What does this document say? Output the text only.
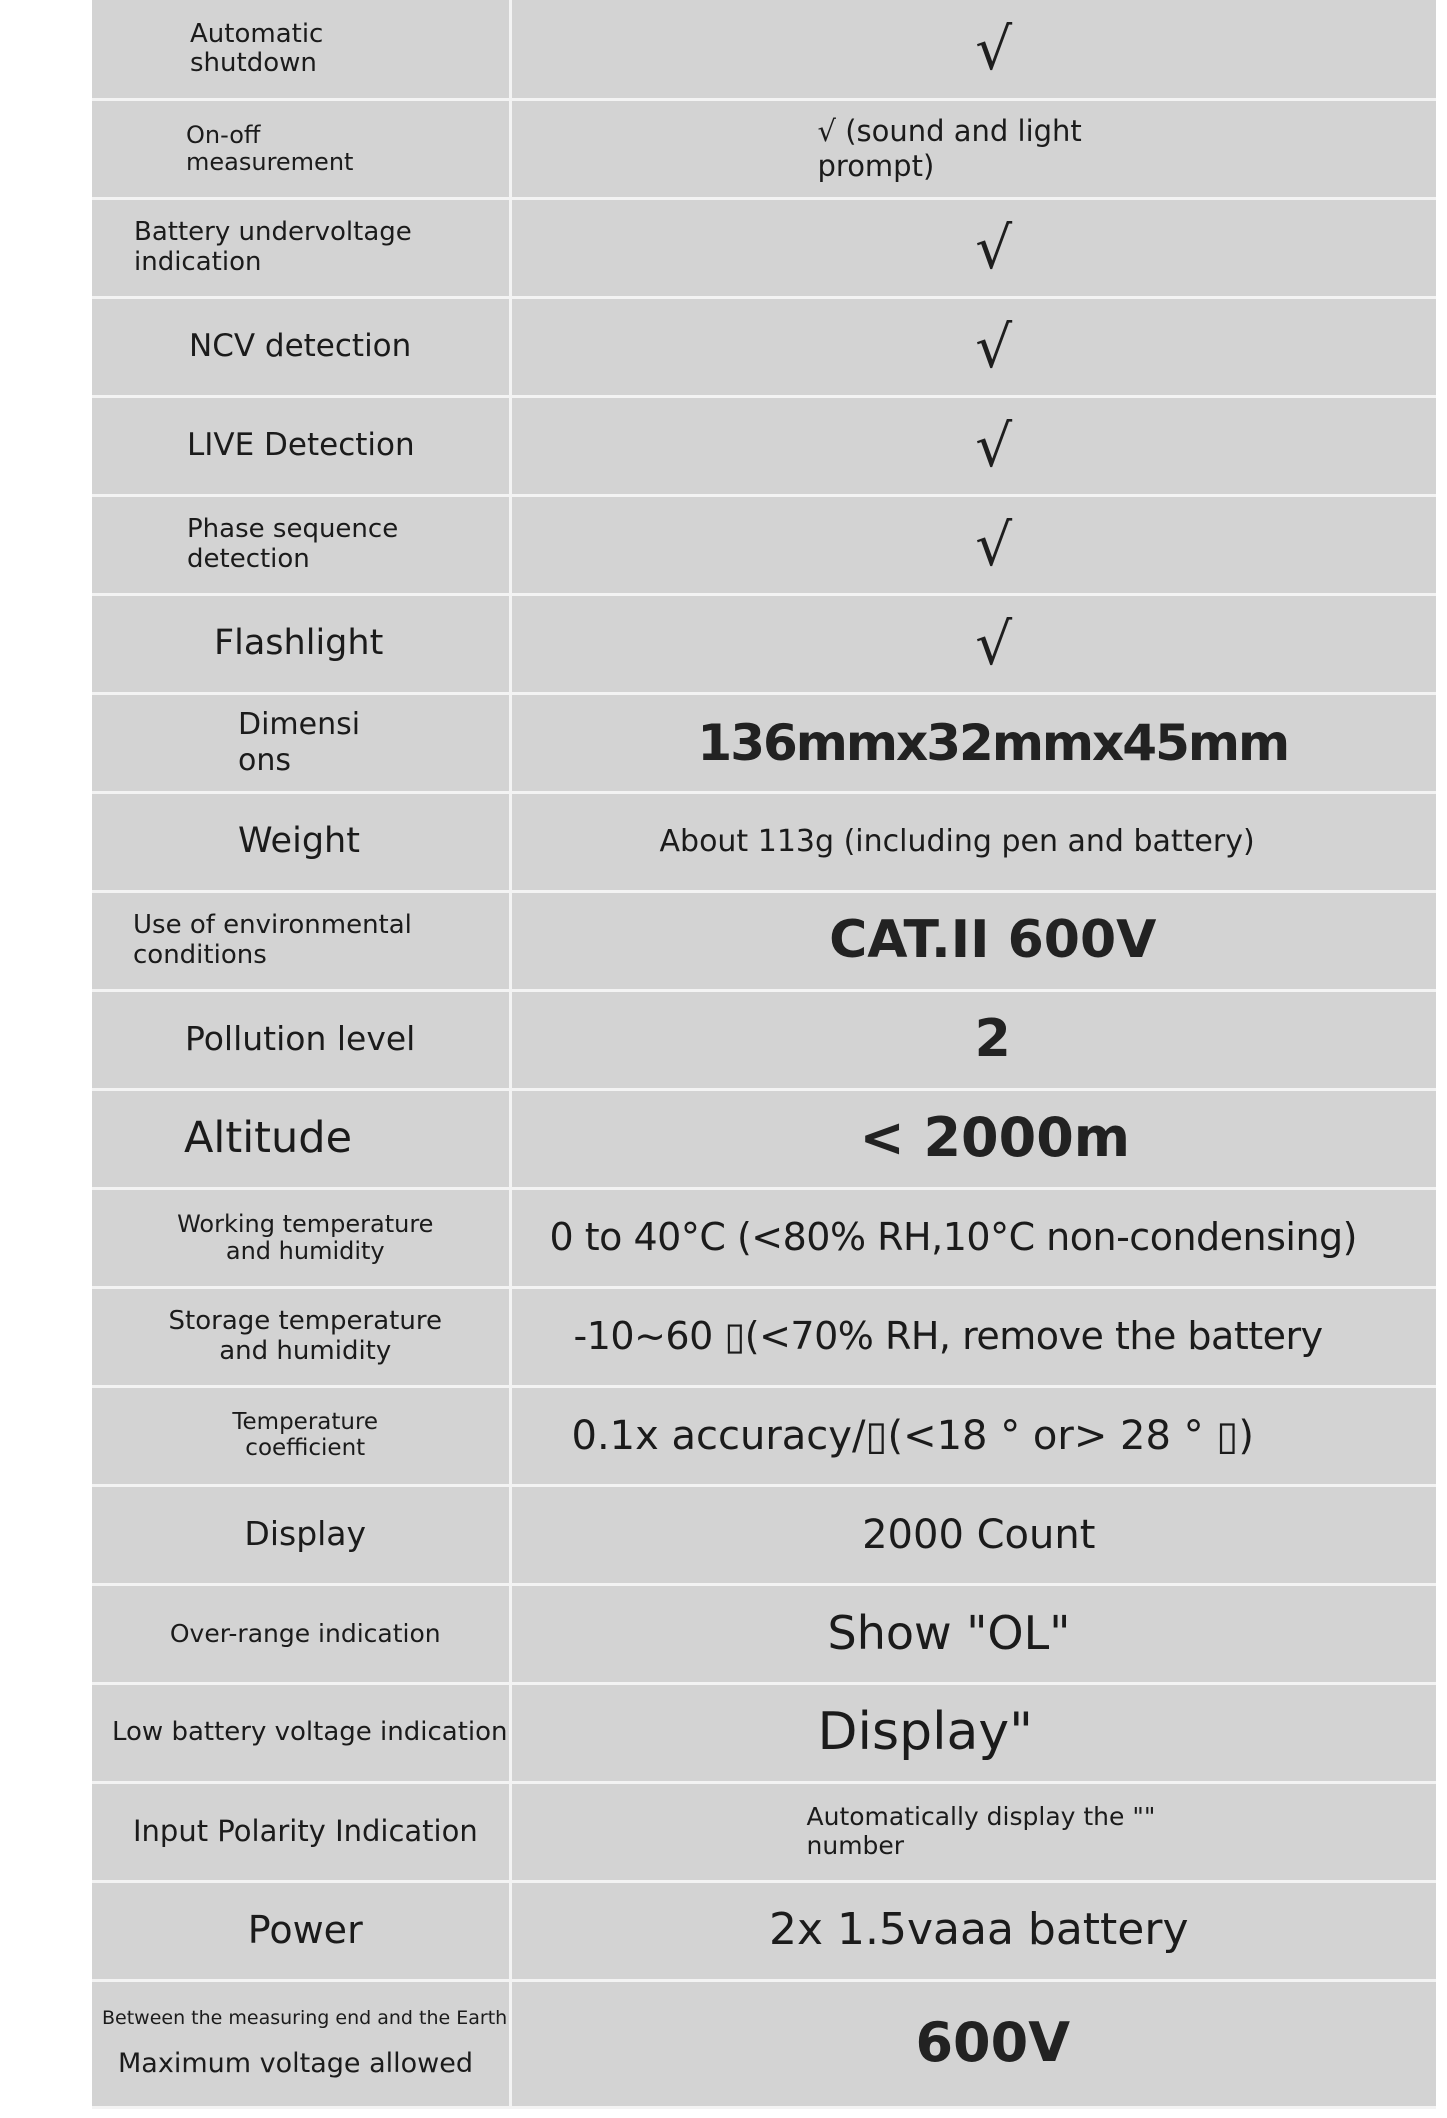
Automatic
shutdown	√

On-off
measurement	√ (sound and light
prompt)

Battery undervoltage
indication	√

NCV detection	√

LIVE Detection	√

Phase sequence
detection	√

Flashlight	√

Dimensi
ons	136mmx32mmx45mm

Weight	About 113g (including pen and battery)

Use of environmental
conditions	CAT.II 600V

Pollution level	2

Altitude	< 2000m

Working temperature
and humidity	0 to 40°C (<80% RH,10°C non-condensing)

Storage temperature
and humidity	-10~60 ▯(<70% RH, remove the battery

Temperature
coefficient	0.1x accuracy/▯(<18 ° or> 28 ° ▯)

Display	2000 Count

Over-range indication	Show "OL"

Low battery voltage indication	Display"

Input Polarity Indication	Automatically display the ""
number

Power	2x 1.5vaaa battery

Between the measuring end and the Earth
Maximum voltage allowed	600V
